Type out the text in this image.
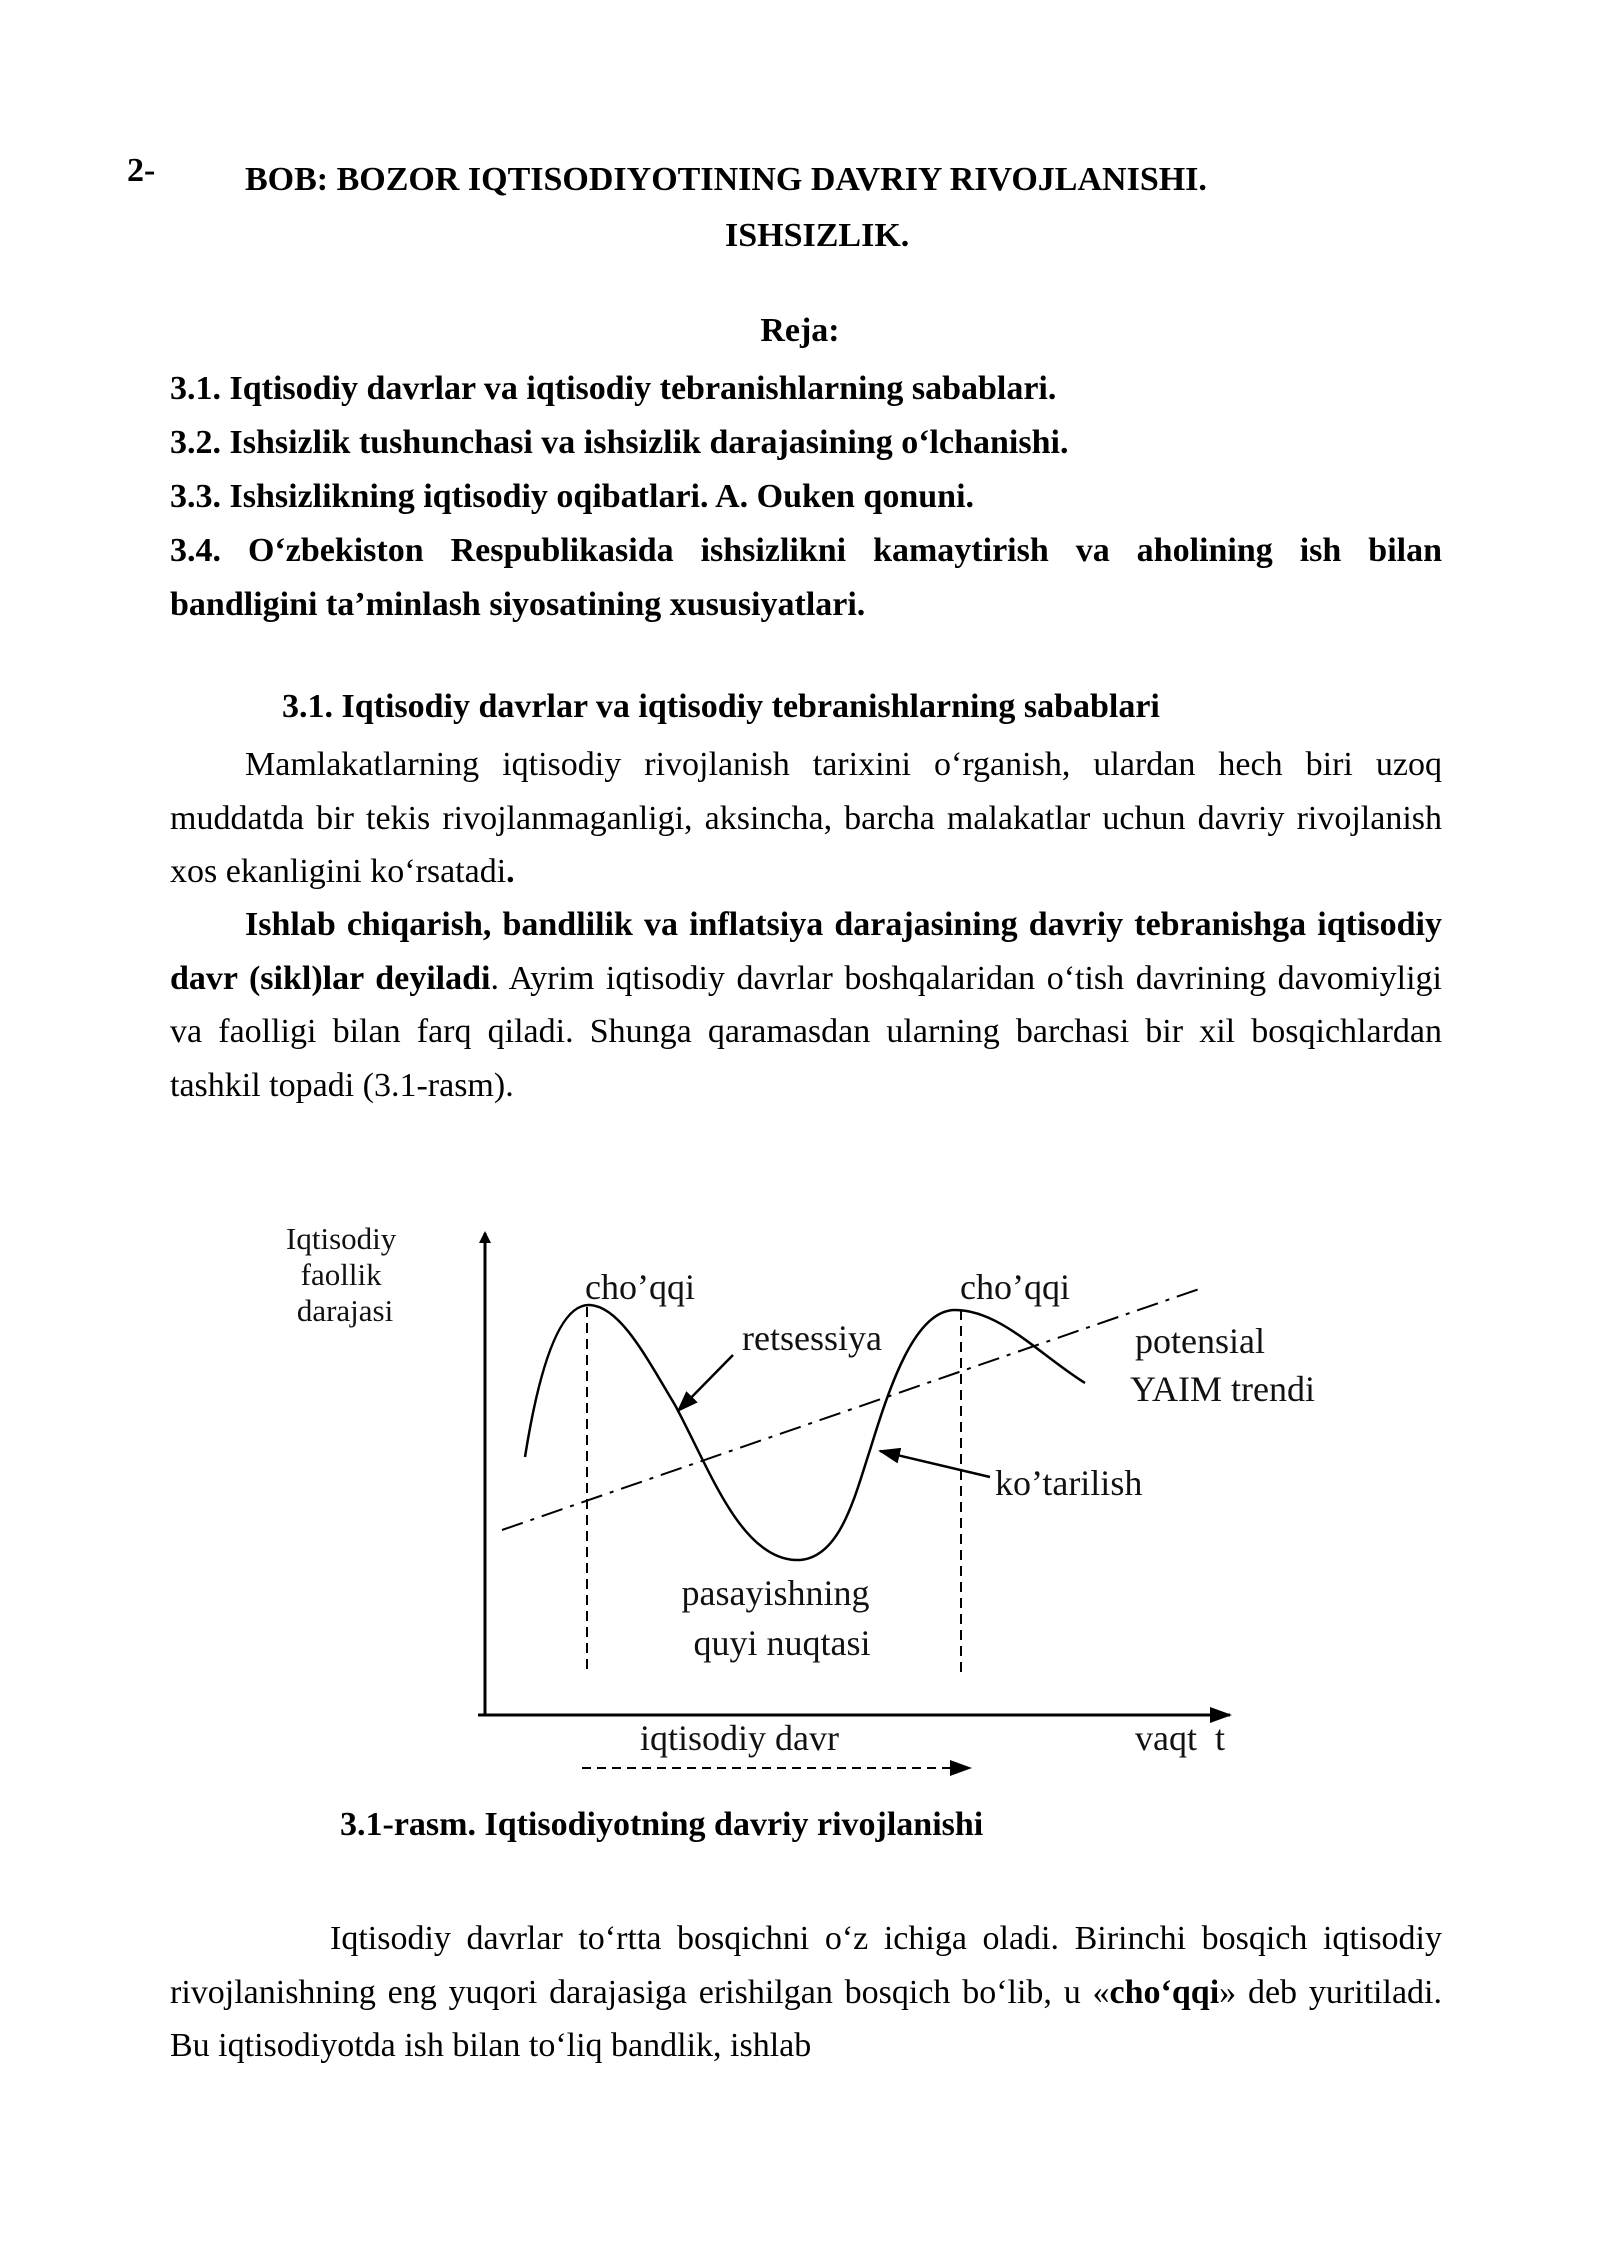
2-	BOB: BOZOR IQTISODIYOTINING DAVRIY RIVOJLANISHI.
ISHSIZLIK.
Reja:
3.1. Iqtisodiy davrlar va iqtisodiy tebranishlarning sabablari.
3.2. Ishsizlik tushunchasi va ishsizlik darajasining o‘lchanishi.
3.3. Ishsizlikning iqtisodiy oqibatlari. A. Ouken qonuni.
3.4. O‘zbekiston Respublikasida ishsizlikni kamaytirish va aholining ish bilan bandligini ta’minlash siyosatining xususiyatlari.
3.1. Iqtisodiy davrlar va iqtisodiy tebranishlarning sabablari
Mamlakatlarning iqtisodiy rivojlanish tarixini o‘rganish, ulardan hech biri uzoq muddatda bir tekis rivojlanmaganligi, aksincha, barcha malakatlar uchun davriy rivojlanish xos ekanligini ko‘rsatadi.
Ishlab chiqarish, bandlilik va inflatsiya darajasining davriy tebranishga iqtisodiy davr (sikl)lar deyiladi. Ayrim iqtisodiy davrlar boshqalaridan o‘tish davrining davomiyligi va faolligi bilan farq qiladi. Shunga qaramasdan ularning barchasi bir xil bosqichlardan tashkil topadi (3.1-rasm).
Iqtisodiy faollik darajasi
cho’qqi	cho’qqi
retsessiya	potensial YAIM trendi
ko’tarilish
pasayishning quyi nuqtasi
iqtisodiy davr	vaqt  t
3.1-rasm. Iqtisodiyotning davriy rivojlanishi
Iqtisodiy davrlar to‘rtta bosqichni o‘z ichiga oladi. Birinchi bosqich iqtisodiy rivojlanishning eng yuqori darajasiga erishilgan bosqich bo‘lib, u «cho‘qqi» deb yuritiladi. Bu iqtisodiyotda ish bilan to‘liq bandlik, ishlab
